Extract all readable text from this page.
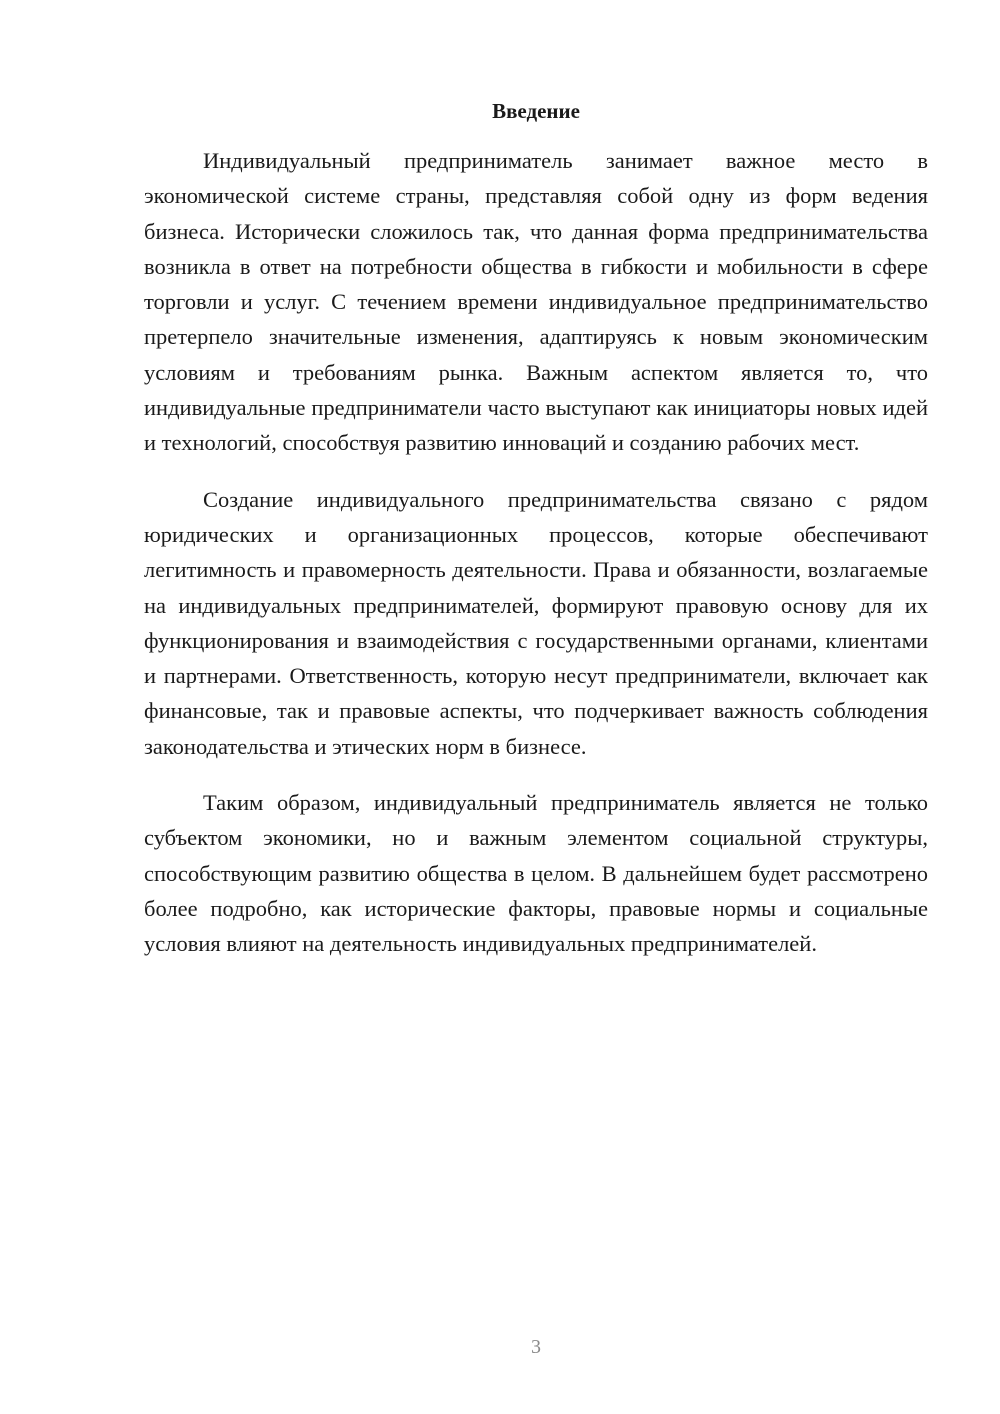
Введение

Индивидуальный предприниматель занимает важное место в экономической системе страны, представляя собой одну из форм ведения бизнеса. Исторически сложилось так, что данная форма предпринимательства возникла в ответ на потребности общества в гибкости и мобильности в сфере торговли и услуг. С течением времени индивидуальное предпринимательство претерпело значительные изменения, адаптируясь к новым экономическим условиям и требованиям рынка. Важным аспектом является то, что индивидуальные предприниматели часто выступают как инициаторы новых идей и технологий, способствуя развитию инноваций и созданию рабочих мест.

Создание индивидуального предпринимательства связано с рядом юридических и организационных процессов, которые обеспечивают легитимность и правомерность деятельности. Права и обязанности, возлагаемые на индивидуальных предпринимателей, формируют правовую основу для их функционирования и взаимодействия с государственными органами, клиентами и партнерами. Ответственность, которую несут предприниматели, включает как финансовые, так и правовые аспекты, что подчеркивает важность соблюдения законодательства и этических норм в бизнесе.

Таким образом, индивидуальный предприниматель является не только субъектом экономики, но и важным элементом социальной структуры, способствующим развитию общества в целом. В дальнейшем будет рассмотрено более подробно, как исторические факторы, правовые нормы и социальные условия влияют на деятельность индивидуальных предпринимателей.

3
